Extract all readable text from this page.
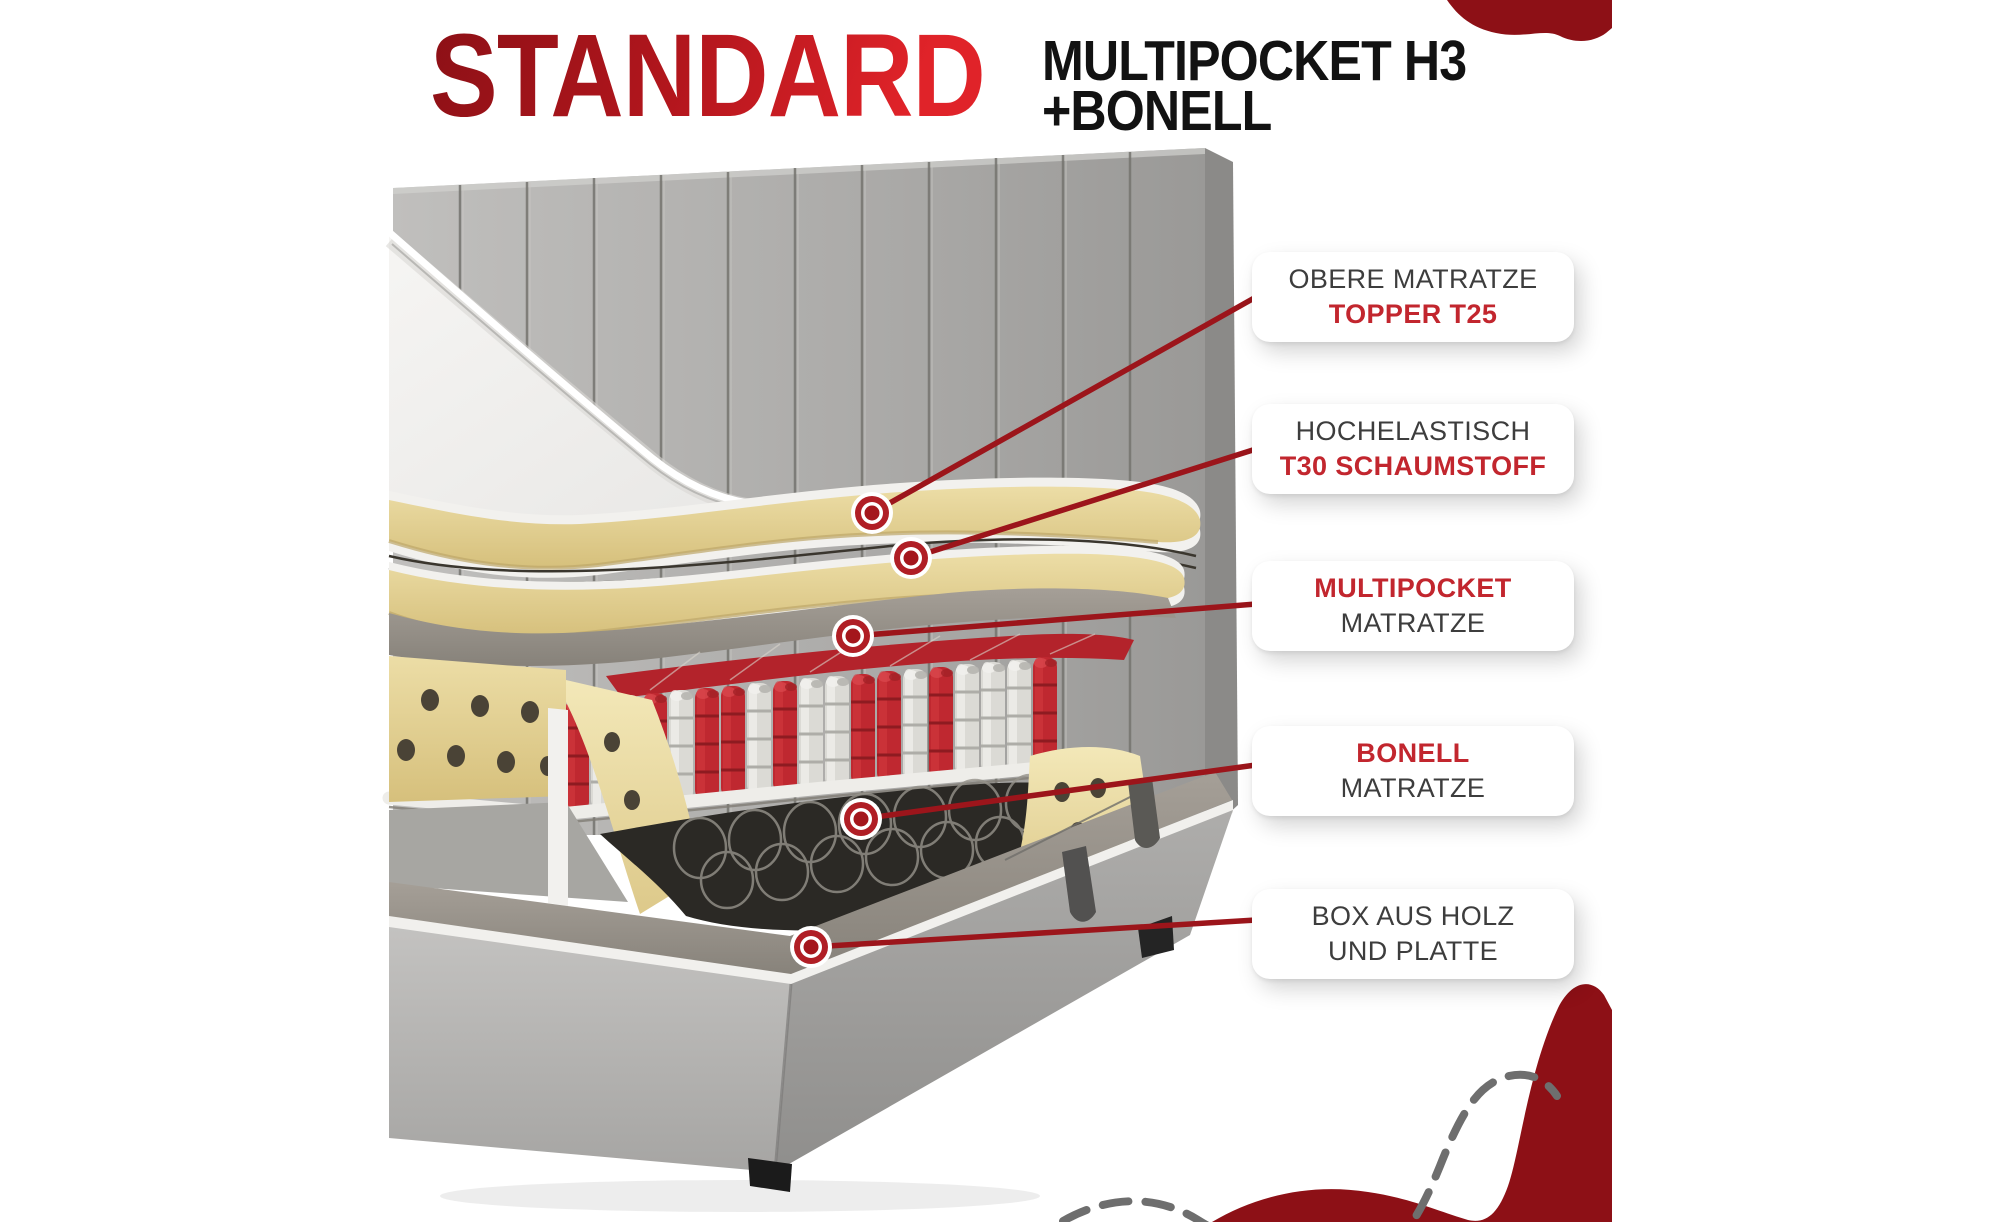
STANDARD MULTIPOCKET H3
+BONELL
OBERE MATRATZE
TOPPER T25
HOCHELASTISCH
T30 SCHAUMSTOFF
MULTIPOCKET
MATRATZE
BONELL
MATRATZE
BOX AUS HOLZ
UND PLATTE
